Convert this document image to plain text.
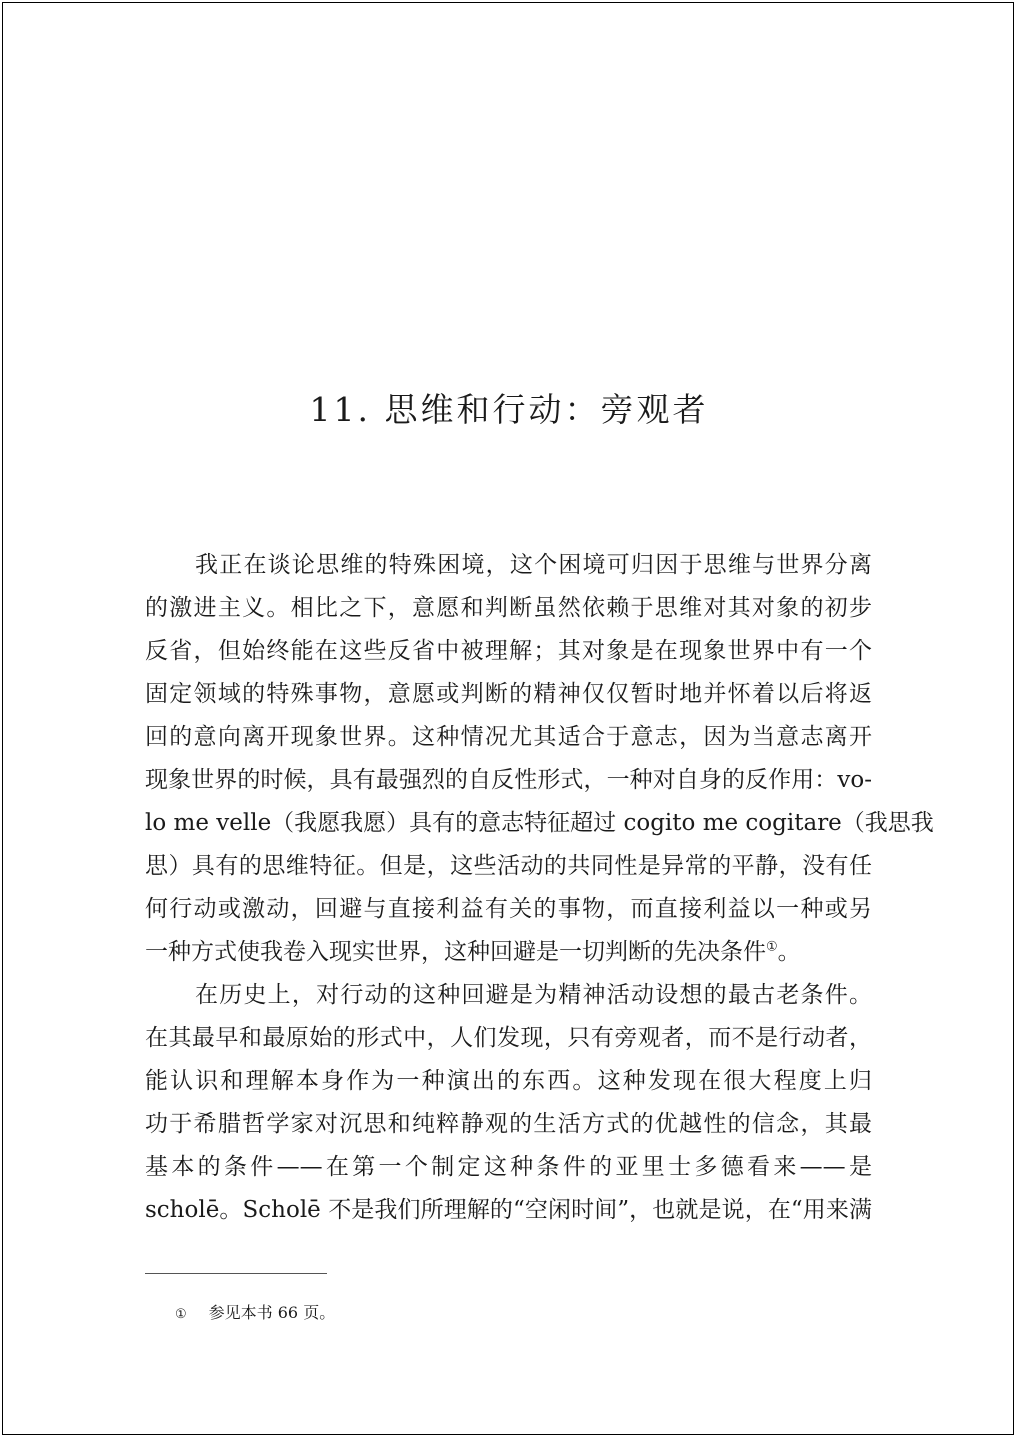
11. 思维和行动：旁观者
我正在谈论思维的特殊困境，这个困境可归因于思维与世界分离
的激进主义。相比之下，意愿和判断虽然依赖于思维对其对象的初步
反省，但始终能在这些反省中被理解；其对象是在现象世界中有一个
固定领域的特殊事物，意愿或判断的精神仅仅暂时地并怀着以后将返
回的意向离开现象世界。这种情况尤其适合于意志，因为当意志离开
现象世界的时候，具有最强烈的自反性形式，一种对自身的反作用：vo-
lo me velle（我愿我愿）具有的意志特征超过 cogito me cogitare（我思我
思）具有的思维特征。但是，这些活动的共同性是异常的平静，没有任
何行动或激动，回避与直接利益有关的事物，而直接利益以一种或另
一种方式使我卷入现实世界，这种回避是一切判断的先决条件①。
在历史上，对行动的这种回避是为精神活动设想的最古老条件。
在其最早和最原始的形式中，人们发现，只有旁观者，而不是行动者，
能认识和理解本身作为一种演出的东西。这种发现在很大程度上归
功于希腊哲学家对沉思和纯粹静观的生活方式的优越性的信念，其最
基本的条件——在第一个制定这种条件的亚里士多德看来——是
scholē。Scholē 不是我们所理解的“空闲时间”，也就是说，在“用来满
① 参见本书 66 页。
